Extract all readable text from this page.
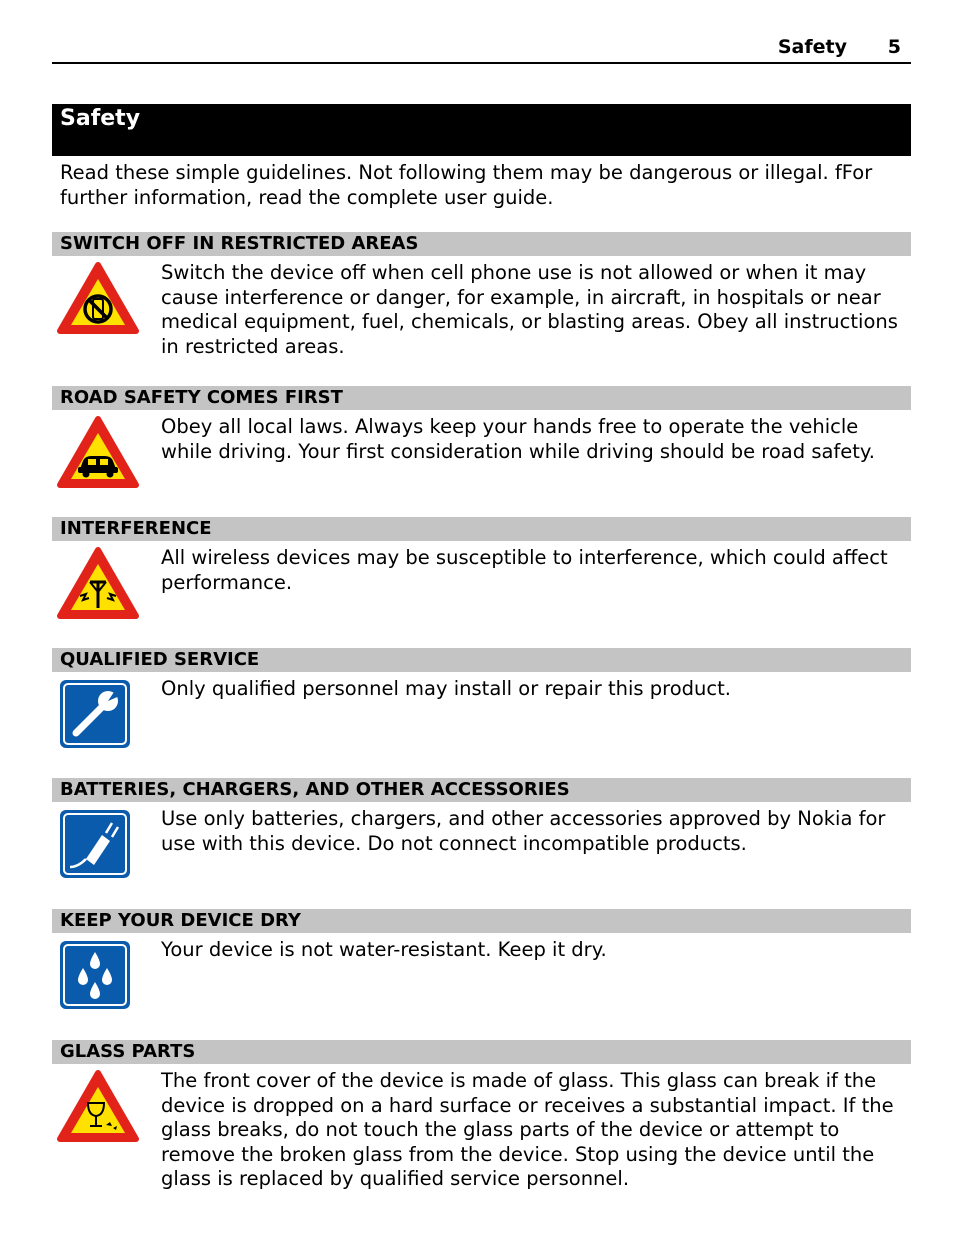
Safety 5
Safety
Read these simple guidelines. Not following them may be dangerous or illegal. fFor further information, read the complete user guide.
SWITCH OFF IN RESTRICTED AREAS
Switch the device off when cell phone use is not allowed or when it may cause interference or danger, for example, in aircraft, in hospitals or near medical equipment, fuel, chemicals, or blasting areas. Obey all instructions in restricted areas.
ROAD SAFETY COMES FIRST
Obey all local laws. Always keep your hands free to operate the vehicle while driving. Your first consideration while driving should be road safety.
INTERFERENCE
All wireless devices may be susceptible to interference, which could affect performance.
QUALIFIED SERVICE
Only qualified personnel may install or repair this product.
BATTERIES, CHARGERS, AND OTHER ACCESSORIES
Use only batteries, chargers, and other accessories approved by Nokia for use with this device. Do not connect incompatible products.
KEEP YOUR DEVICE DRY
Your device is not water-resistant. Keep it dry.
GLASS PARTS
The front cover of the device is made of glass. This glass can break if the device is dropped on a hard surface or receives a substantial impact. If the glass breaks, do not touch the glass parts of the device or attempt to remove the broken glass from the device. Stop using the device until the glass is replaced by qualified service personnel.
